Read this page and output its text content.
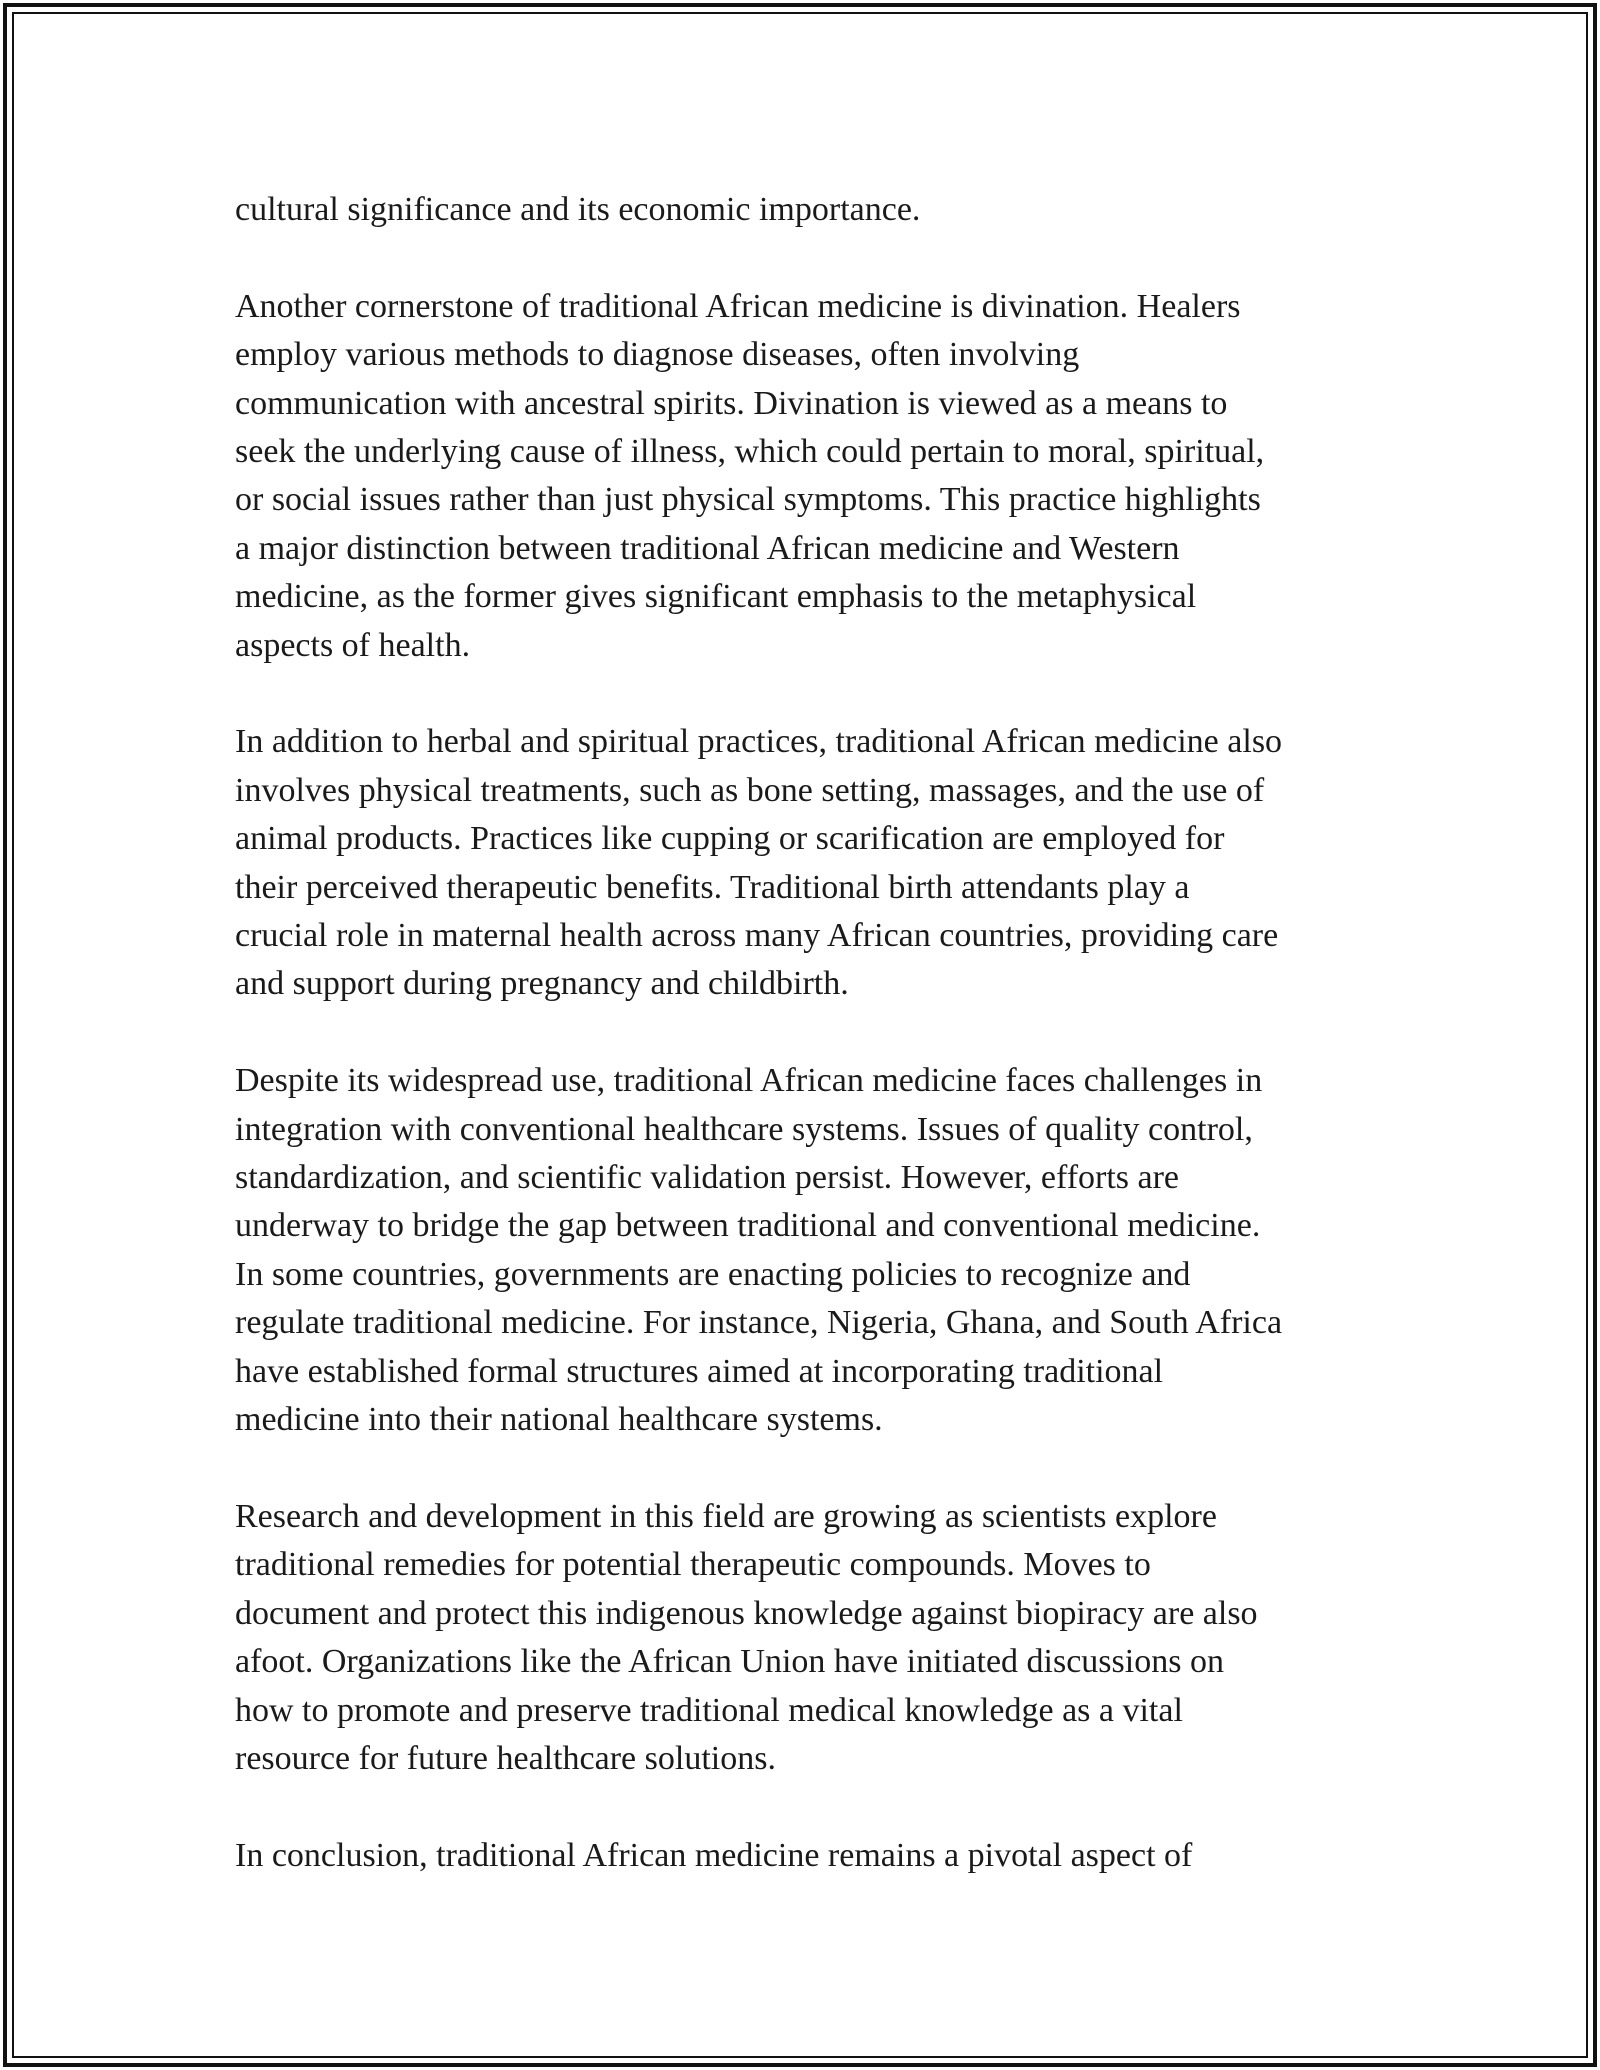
cultural significance and its economic importance.

Another cornerstone of traditional African medicine is divination. Healers
employ various methods to diagnose diseases, often involving
communication with ancestral spirits. Divination is viewed as a means to
seek the underlying cause of illness, which could pertain to moral, spiritual,
or social issues rather than just physical symptoms. This practice highlights
a major distinction between traditional African medicine and Western
medicine, as the former gives significant emphasis to the metaphysical
aspects of health.

In addition to herbal and spiritual practices, traditional African medicine also
involves physical treatments, such as bone setting, massages, and the use of
animal products. Practices like cupping or scarification are employed for
their perceived therapeutic benefits. Traditional birth attendants play a
crucial role in maternal health across many African countries, providing care
and support during pregnancy and childbirth.

Despite its widespread use, traditional African medicine faces challenges in
integration with conventional healthcare systems. Issues of quality control,
standardization, and scientific validation persist. However, efforts are
underway to bridge the gap between traditional and conventional medicine.
In some countries, governments are enacting policies to recognize and
regulate traditional medicine. For instance, Nigeria, Ghana, and South Africa
have established formal structures aimed at incorporating traditional
medicine into their national healthcare systems.

Research and development in this field are growing as scientists explore
traditional remedies for potential therapeutic compounds. Moves to
document and protect this indigenous knowledge against biopiracy are also
afoot. Organizations like the African Union have initiated discussions on
how to promote and preserve traditional medical knowledge as a vital
resource for future healthcare solutions.

In conclusion, traditional African medicine remains a pivotal aspect of
